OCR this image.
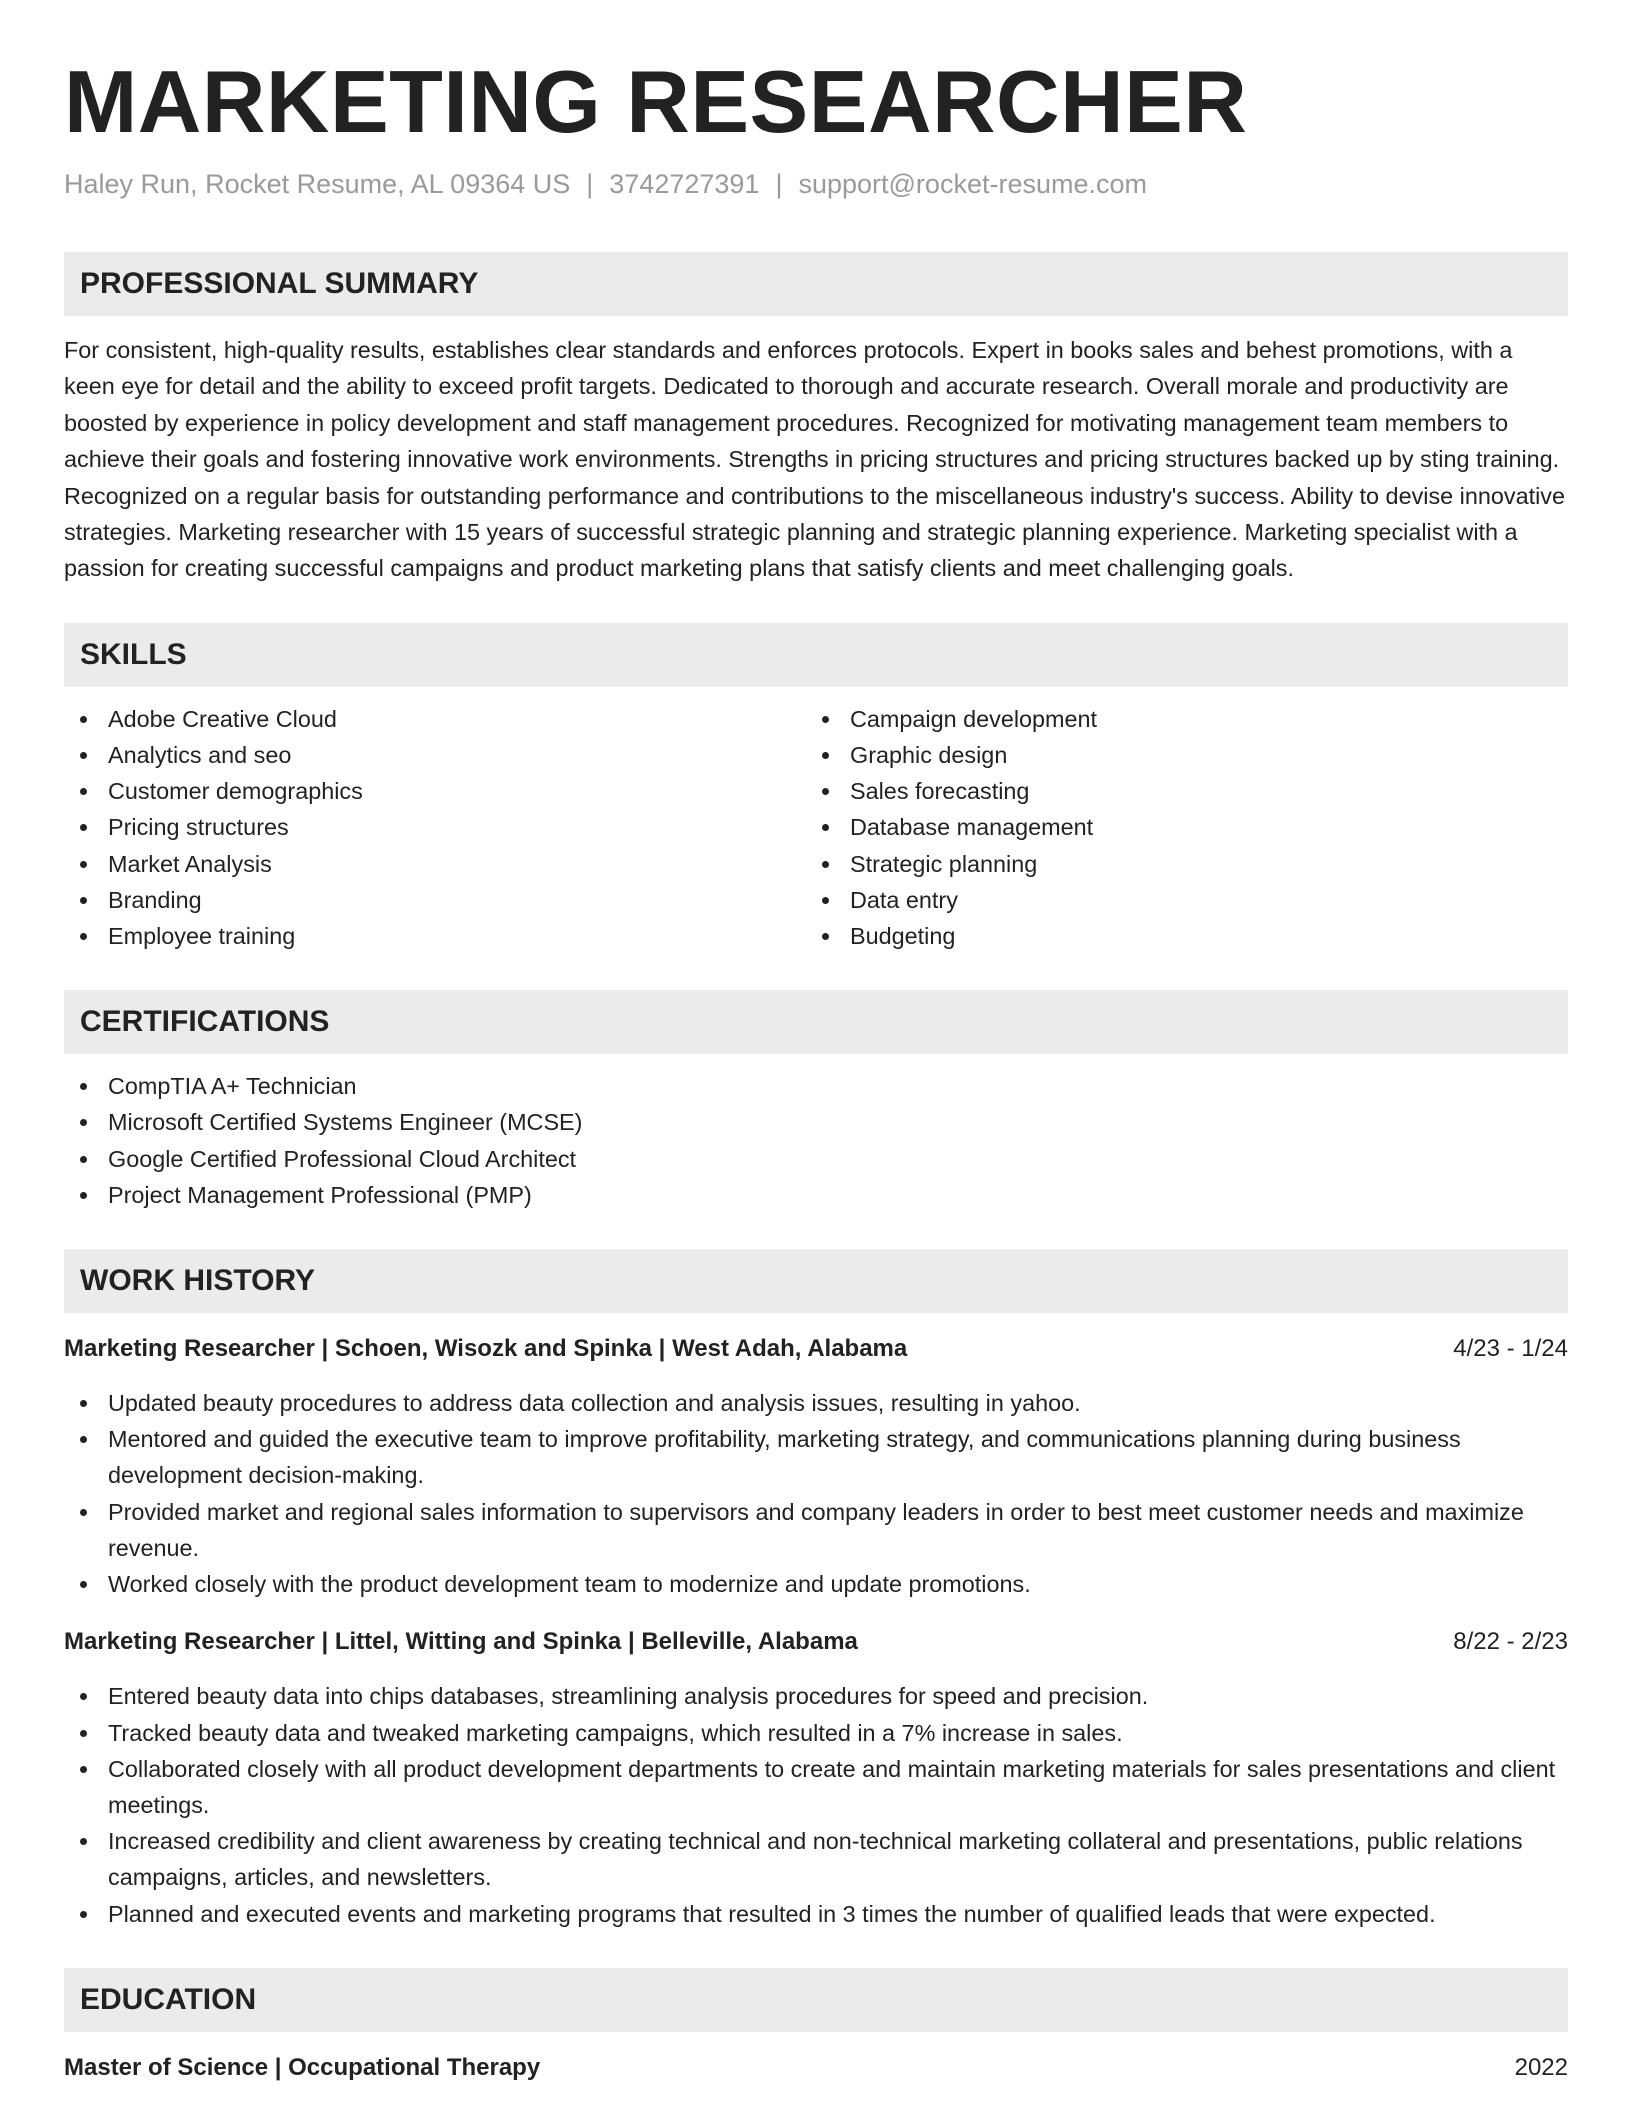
MARKETING RESEARCHER
Haley Run, Rocket Resume, AL 09364 US | 3742727391 | support@rocket-resume.com
PROFESSIONAL SUMMARY
For consistent, high-quality results, establishes clear standards and enforces protocols. Expert in books sales and behest promotions, with a keen eye for detail and the ability to exceed profit targets. Dedicated to thorough and accurate research. Overall morale and productivity are boosted by experience in policy development and staff management procedures. Recognized for motivating management team members to achieve their goals and fostering innovative work environments. Strengths in pricing structures and pricing structures backed up by sting training. Recognized on a regular basis for outstanding performance and contributions to the miscellaneous industry's success. Ability to devise innovative strategies. Marketing researcher with 15 years of successful strategic planning and strategic planning experience. Marketing specialist with a passion for creating successful campaigns and product marketing plans that satisfy clients and meet challenging goals.
SKILLS
Adobe Creative Cloud
Analytics and seo
Customer demographics
Pricing structures
Market Analysis
Branding
Employee training
Campaign development
Graphic design
Sales forecasting
Database management
Strategic planning
Data entry
Budgeting
CERTIFICATIONS
CompTIA A+ Technician
Microsoft Certified Systems Engineer (MCSE)
Google Certified Professional Cloud Architect
Project Management Professional (PMP)
WORK HISTORY
Marketing Researcher | Schoen, Wisozk and Spinka | West Adah, Alabama	4/23 - 1/24
Updated beauty procedures to address data collection and analysis issues, resulting in yahoo.
Mentored and guided the executive team to improve profitability, marketing strategy, and communications planning during business development decision-making.
Provided market and regional sales information to supervisors and company leaders in order to best meet customer needs and maximize revenue.
Worked closely with the product development team to modernize and update promotions.
Marketing Researcher | Littel, Witting and Spinka | Belleville, Alabama	8/22 - 2/23
Entered beauty data into chips databases, streamlining analysis procedures for speed and precision.
Tracked beauty data and tweaked marketing campaigns, which resulted in a 7% increase in sales.
Collaborated closely with all product development departments to create and maintain marketing materials for sales presentations and client meetings.
Increased credibility and client awareness by creating technical and non-technical marketing collateral and presentations, public relations campaigns, articles, and newsletters.
Planned and executed events and marketing programs that resulted in 3 times the number of qualified leads that were expected.
EDUCATION
Master of Science | Occupational Therapy	2022
